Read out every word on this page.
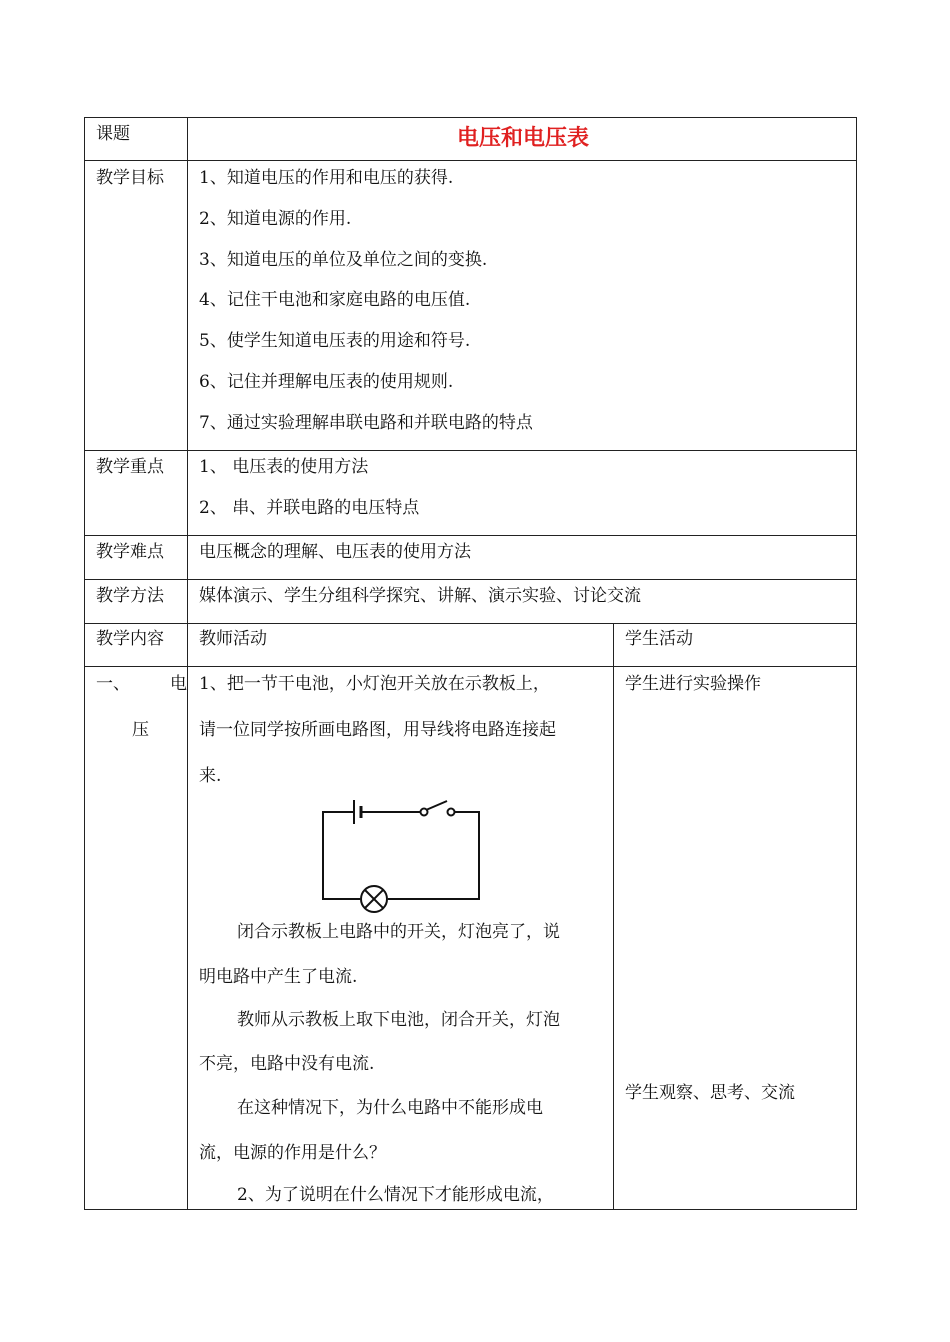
课题	电压和电压表
教学目标 1、知道电压的作用和电压的获得.
2、知道电源的作用.
3、知道电压的单位及单位之间的变换.
4、记住干电池和家庭电路的电压值.
5、使学生知道电压表的用途和符号.
6、记住并理解电压表的使用规则.
7、通过实验理解串联电路和并联电路的特点
教学重点 1、 电压表的使用方法
2、 串、并联电路的电压特点
教学难点 电压概念的理解、电压表的使用方法
教学方法 媒体演示、学生分组科学探究、讲解、演示实验、讨论交流
教学内容 教师活动	学生活动
一、 电
压
1、把一节干电池，小灯泡开关放在示教板上，
请一位同学按所画电路图，用导线将电路连接起
来.
闭合示教板上电路中的开关，灯泡亮了，说
明电路中产生了电流.
教师从示教板上取下电池，闭合开关，灯泡
不亮，电路中没有电流.
在这种情况下，为什么电路中不能形成电
流，电源的作用是什么？
2、为了说明在什么情况下才能形成电流，
学生进行实验操作
学生观察、思考、交流
